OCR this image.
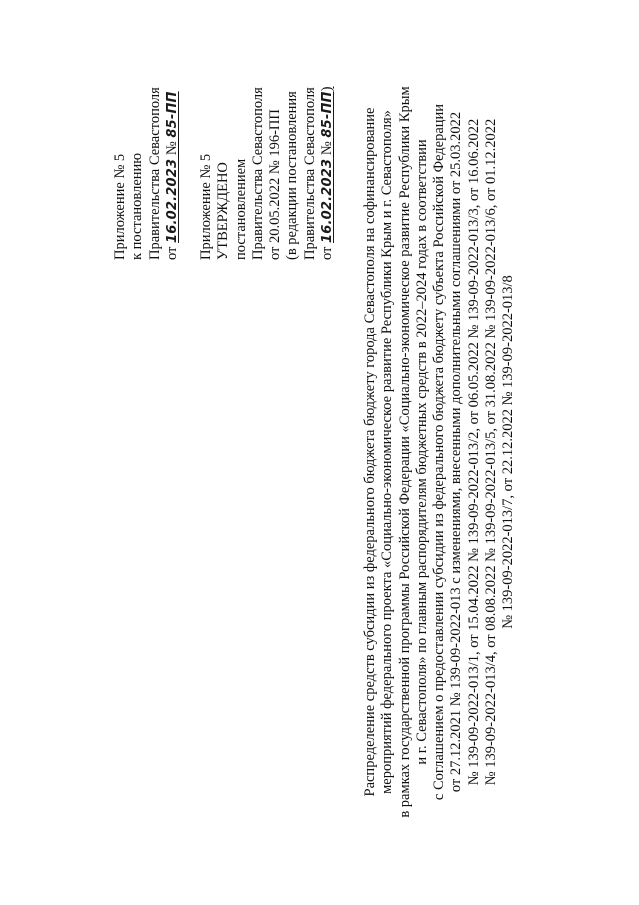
Приложение № 5 к постановлению Правительства Севастополя от 16.02.2023 № 85-ПП
Приложение № 5 УТВЕРЖДЕНО постановлением Правительства Севастополя от 20.05.2022 № 196-ПП (в редакции постановления Правительства Севастополя от 16.02.2023 № 85-ПП)
Распределение средств субсидии из федерального бюджета бюджету города Севастополя на софинансирование мероприятий федерального проекта «Социально-экономическое развитие Республики Крым и г. Севастополя» в рамках государственной программы Российской Федерации «Социально-экономическое развитие Республики Крым и г. Севастополя» по главным распорядителям бюджетных средств в 2022–2024 годах в соответствии с Соглашением о предоставлении субсидии из федерального бюджета бюджету субъекта Российской Федерации от 27.12.2021 № 139-09-2022-013 с изменениями, внесенными дополнительными соглашениями от 25.03.2022 № 139-09-2022-013/1, от 15.04.2022 № 139-09-2022-013/2, от 06.05.2022 № 139-09-2022-013/3, от 16.06.2022 № 139-09-2022-013/4, от 08.08.2022 № 139-09-2022-013/5, от 31.08.2022 № 139-09-2022-013/6, от 01.12.2022 № 139-09-2022-013/7, от 22.12.2022 № 139-09-2022-013/8
